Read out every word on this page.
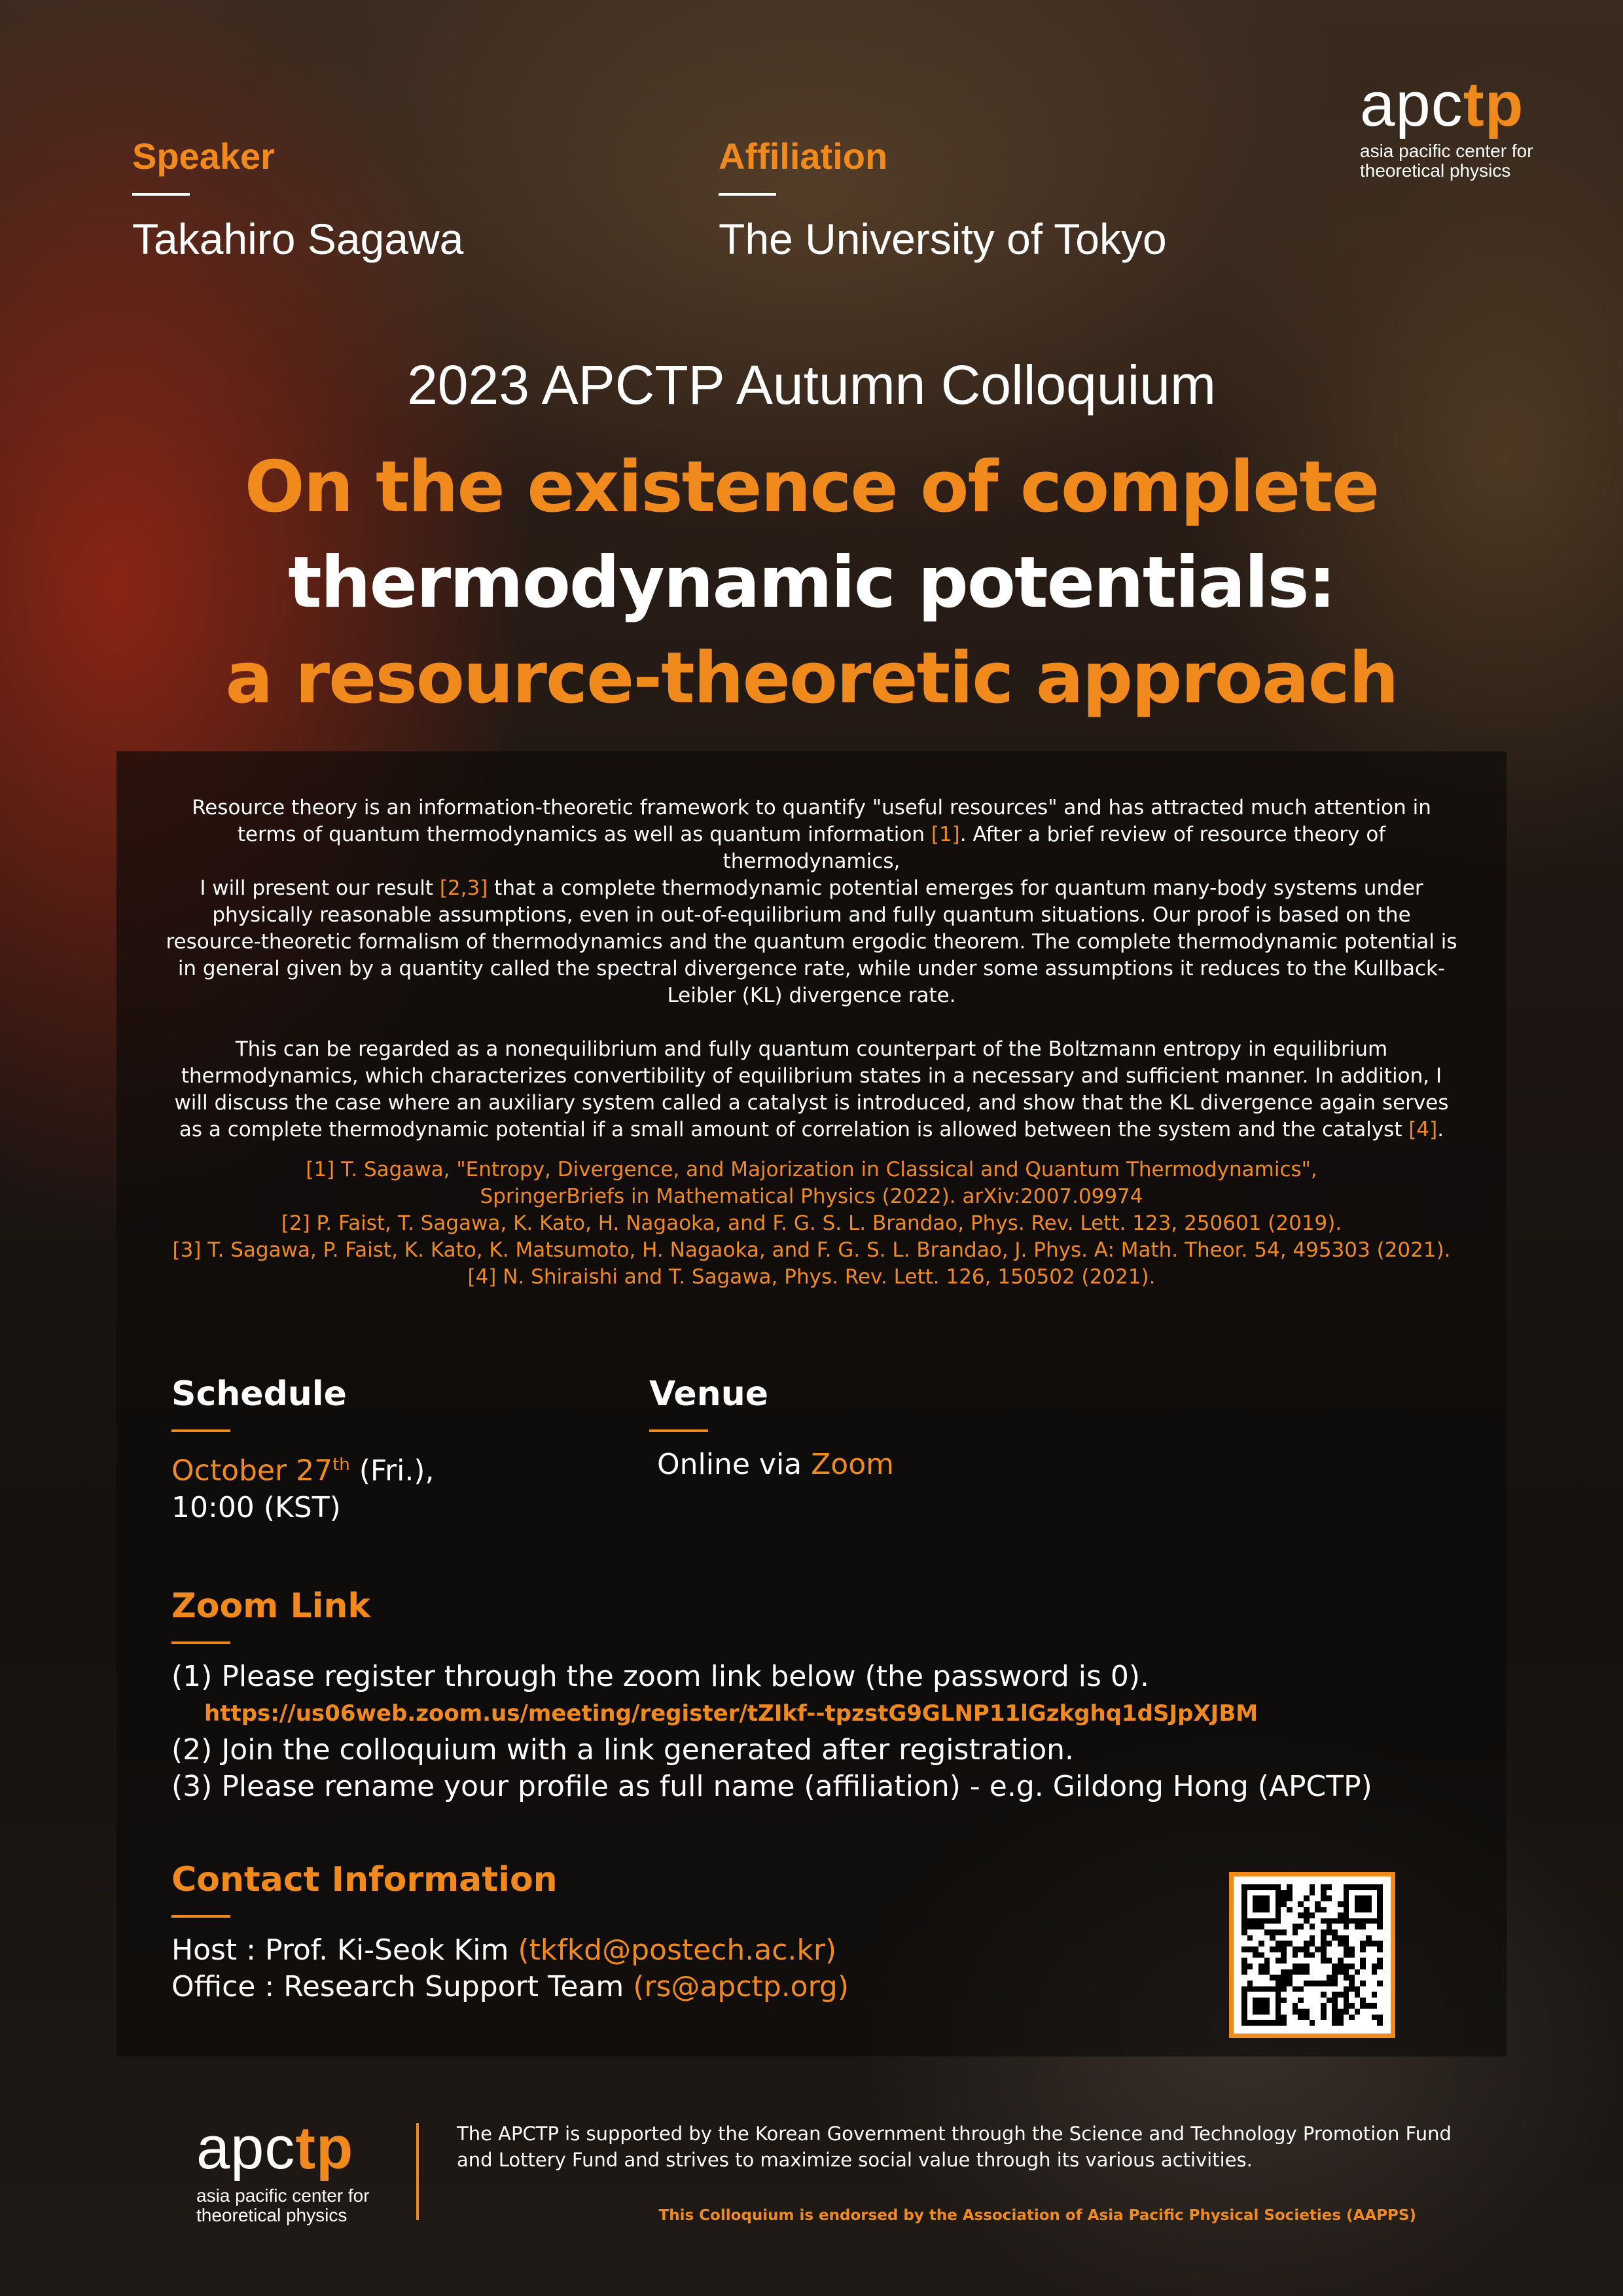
apctp
asia pacific center for
theoretical physics
Speaker
Takahiro Sagawa
Affiliation
The University of Tokyo
2023 APCTP Autumn Colloquium
On the existence of complete
thermodynamic potentials:
a resource-theoretic approach

Resource theory is an information-theoretic framework to quantify "useful resources" and has attracted much attention in terms of quantum thermodynamics as well as quantum information [1]. After a brief review of resource theory of thermodynamics,

I will present our result [2,3] that a complete thermodynamic potential emerges for quantum many-body systems under physically reasonable assumptions, even in out-of-equilibrium and fully quantum situations. Our proof is based on the resource-theoretic formalism of thermodynamics and the quantum ergodic theorem. The complete thermodynamic potential is in general given by a quantity called the spectral divergence rate, while under some assumptions it reduces to the Kullback-Leibler (KL) divergence rate.

This can be regarded as a nonequilibrium and fully quantum counterpart of the Boltzmann entropy in equilibrium thermodynamics, which characterizes convertibility of equilibrium states in a necessary and sufficient manner. In addition, I will discuss the case where an auxiliary system called a catalyst is introduced, and show that the KL divergence again serves as a complete thermodynamic potential if a small amount of correlation is allowed between the system and the catalyst [4].

[1] T. Sagawa, "Entropy, Divergence, and Majorization in Classical and Quantum Thermodynamics",
SpringerBriefs in Mathematical Physics (2022). arXiv:2007.09974
[2] P. Faist, T. Sagawa, K. Kato, H. Nagaoka, and F. G. S. L. Brandao, Phys. Rev. Lett. 123, 250601 (2019).
[3] T. Sagawa, P. Faist, K. Kato, K. Matsumoto, H. Nagaoka, and F. G. S. L. Brandao, J. Phys. A: Math. Theor. 54, 495303 (2021).
[4] N. Shiraishi and T. Sagawa, Phys. Rev. Lett. 126, 150502 (2021).
Schedule
October 27th (Fri.),
10:00 (KST)
Venue
Online via Zoom
Zoom Link
(1) Please register through the zoom link below (the password is 0).
https://us06web.zoom.us/meeting/register/tZIkf--tpzstG9GLNP11lGzkghq1dSJpXJBM
(2) Join the colloquium with a link generated after registration.
(3) Please rename your profile as full name (affiliation) - e.g. Gildong Hong (APCTP)
Contact Information
Host : Prof. Ki-Seok Kim (tkfkd@postech.ac.kr)
Office : Research Support Team (rs@apctp.org)
apctp
asia pacific center for
theoretical physics
The APCTP is supported by the Korean Government through the Science and Technology Promotion Fund
and Lottery Fund and strives to maximize social value through its various activities.
This Colloquium is endorsed by the Association of Asia Pacific Physical Societies (AAPPS)
